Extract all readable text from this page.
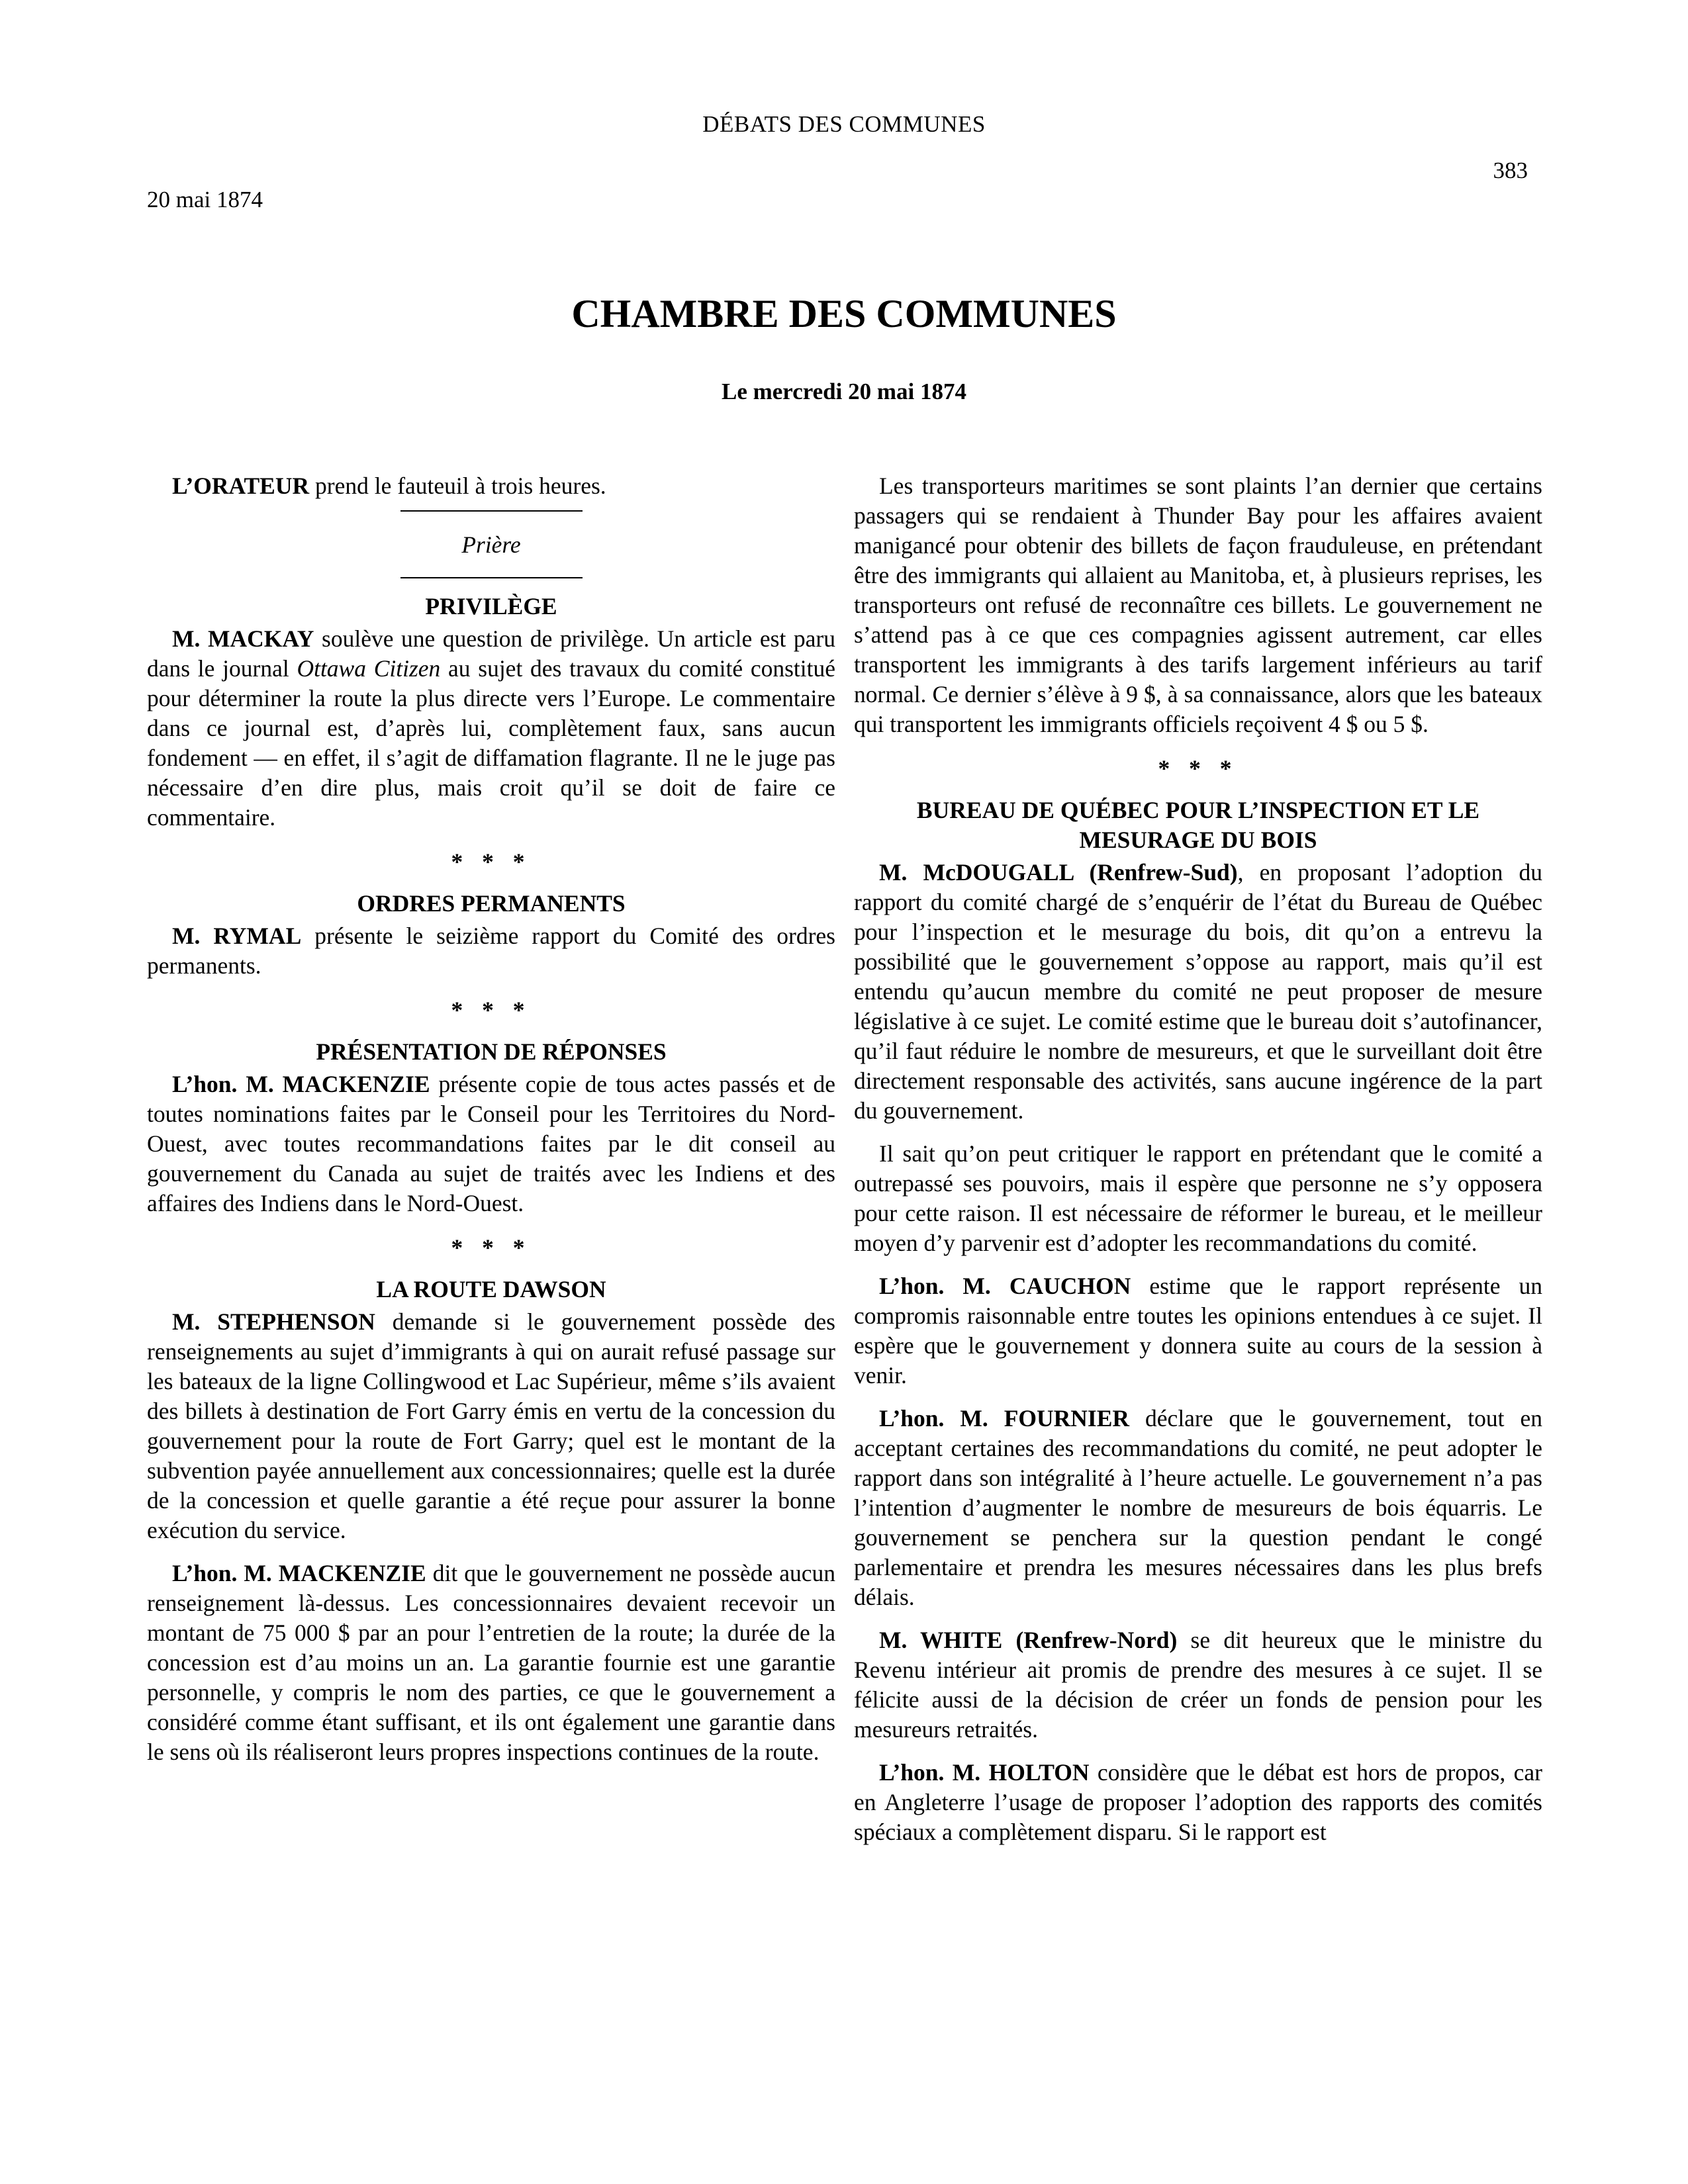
DÉBATS DES COMMUNES
383
20 mai 1874
CHAMBRE DES COMMUNES
Le mercredi 20 mai 1874

L’ORATEUR prend le fauteuil à trois heures.

Prière
PRIVILÈGE

M. MACKAY soulève une question de privilège. Un article est paru dans le journal Ottawa Citizen au sujet des travaux du comité constitué pour déterminer la route la plus directe vers l’Europe. Le commentaire dans ce journal est, d’après lui, complètement faux, sans aucun fondement — en effet, il s’agit de diffamation flagrante. Il ne le juge pas nécessaire d’en dire plus, mais croit qu’il se doit de faire ce commentaire.

* * *
ORDRES PERMANENTS

M. RYMAL présente le seizième rapport du Comité des ordres permanents.

* * *
PRÉSENTATION DE RÉPONSES

L’hon. M. MACKENZIE présente copie de tous actes passés et de toutes nominations faites par le Conseil pour les Territoires du Nord-Ouest, avec toutes recommandations faites par le dit conseil au gouvernement du Canada au sujet de traités avec les Indiens et des affaires des Indiens dans le Nord-Ouest.

* * *
LA ROUTE DAWSON

M. STEPHENSON demande si le gouvernement possède des renseignements au sujet d’immigrants à qui on aurait refusé passage sur les bateaux de la ligne Collingwood et Lac Supérieur, même s’ils avaient des billets à destination de Fort Garry émis en vertu de la concession du gouvernement pour la route de Fort Garry; quel est le montant de la subvention payée annuellement aux concessionnaires; quelle est la durée de la concession et quelle garantie a été reçue pour assurer la bonne exécution du service.

L’hon. M. MACKENZIE dit que le gouvernement ne possède aucun renseignement là-dessus. Les concessionnaires devaient recevoir un montant de 75 000 $ par an pour l’entretien de la route; la durée de la concession est d’au moins un an. La garantie fournie est une garantie personnelle, y compris le nom des parties, ce que le gouvernement a considéré comme étant suffisant, et ils ont également une garantie dans le sens où ils réaliseront leurs propres inspections continues de la route.

Les transporteurs maritimes se sont plaints l’an dernier que certains passagers qui se rendaient à Thunder Bay pour les affaires avaient manigancé pour obtenir des billets de façon frauduleuse, en prétendant être des immigrants qui allaient au Manitoba, et, à plusieurs reprises, les transporteurs ont refusé de reconnaître ces billets. Le gouvernement ne s’attend pas à ce que ces compagnies agissent autrement, car elles transportent les immigrants à des tarifs largement inférieurs au tarif normal. Ce dernier s’élève à 9 $, à sa connaissance, alors que les bateaux qui transportent les immigrants officiels reçoivent 4 $ ou 5 $.

* * *
BUREAU DE QUÉBEC POUR L’INSPECTION ET LE MESURAGE DU BOIS

M. McDOUGALL (Renfrew-Sud), en proposant l’adoption du rapport du comité chargé de s’enquérir de l’état du Bureau de Québec pour l’inspection et le mesurage du bois, dit qu’on a entrevu la possibilité que le gouvernement s’oppose au rapport, mais qu’il est entendu qu’aucun membre du comité ne peut proposer de mesure législative à ce sujet. Le comité estime que le bureau doit s’autofinancer, qu’il faut réduire le nombre de mesureurs, et que le surveillant doit être directement responsable des activités, sans aucune ingérence de la part du gouvernement.

Il sait qu’on peut critiquer le rapport en prétendant que le comité a outrepassé ses pouvoirs, mais il espère que personne ne s’y opposera pour cette raison. Il est nécessaire de réformer le bureau, et le meilleur moyen d’y parvenir est d’adopter les recommandations du comité.

L’hon. M. CAUCHON estime que le rapport représente un compromis raisonnable entre toutes les opinions entendues à ce sujet. Il espère que le gouvernement y donnera suite au cours de la session à venir.

L’hon. M. FOURNIER déclare que le gouvernement, tout en acceptant certaines des recommandations du comité, ne peut adopter le rapport dans son intégralité à l’heure actuelle. Le gouvernement n’a pas l’intention d’augmenter le nombre de mesureurs de bois équarris. Le gouvernement se penchera sur la question pendant le congé parlementaire et prendra les mesures nécessaires dans les plus brefs délais.

M. WHITE (Renfrew-Nord) se dit heureux que le ministre du Revenu intérieur ait promis de prendre des mesures à ce sujet. Il se félicite aussi de la décision de créer un fonds de pension pour les mesureurs retraités.

L’hon. M. HOLTON considère que le débat est hors de propos, car en Angleterre l’usage de proposer l’adoption des rapports des comités spéciaux a complètement disparu. Si le rapport est
